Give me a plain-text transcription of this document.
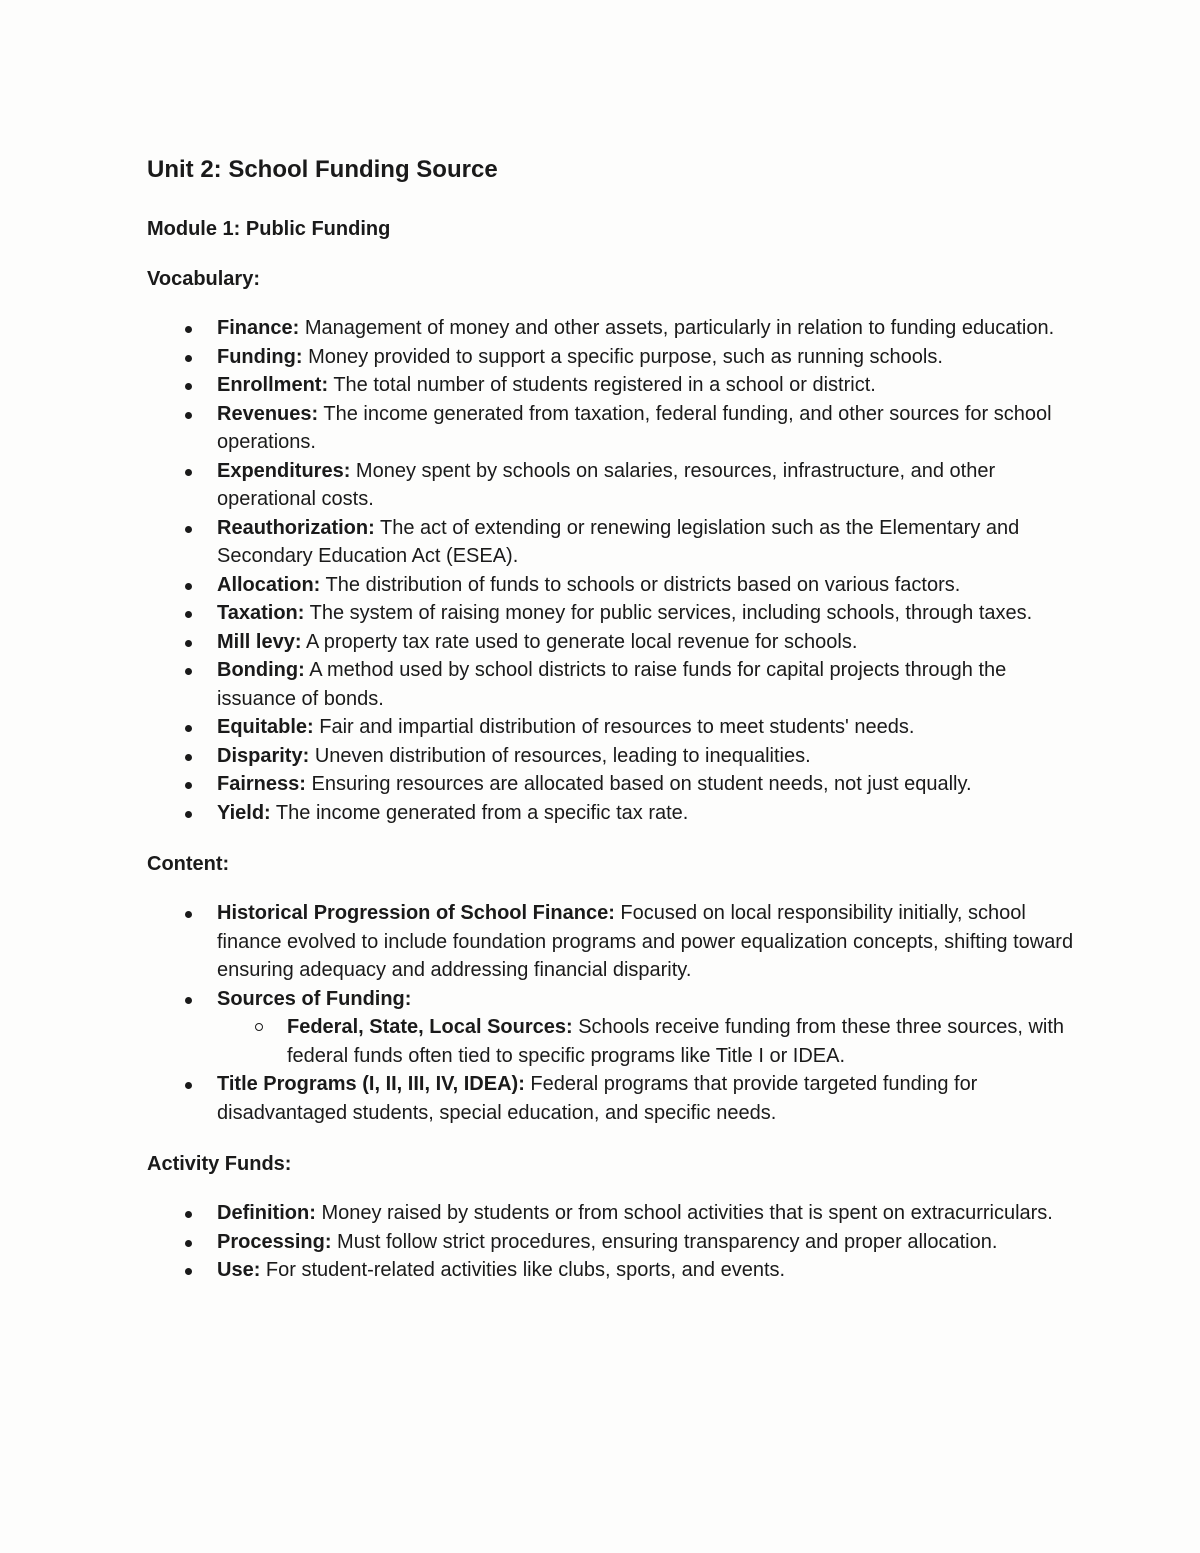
Unit 2: School Funding Source
Module 1: Public Funding
Vocabulary:
Finance: Management of money and other assets, particularly in relation to funding education.
Funding: Money provided to support a specific purpose, such as running schools.
Enrollment: The total number of students registered in a school or district.
Revenues: The income generated from taxation, federal funding, and other sources for school operations.
Expenditures: Money spent by schools on salaries, resources, infrastructure, and other operational costs.
Reauthorization: The act of extending or renewing legislation such as the Elementary and Secondary Education Act (ESEA).
Allocation: The distribution of funds to schools or districts based on various factors.
Taxation: The system of raising money for public services, including schools, through taxes.
Mill levy: A property tax rate used to generate local revenue for schools.
Bonding: A method used by school districts to raise funds for capital projects through the issuance of bonds.
Equitable: Fair and impartial distribution of resources to meet students' needs.
Disparity: Uneven distribution of resources, leading to inequalities.
Fairness: Ensuring resources are allocated based on student needs, not just equally.
Yield: The income generated from a specific tax rate.
Content:
Historical Progression of School Finance: Focused on local responsibility initially, school finance evolved to include foundation programs and power equalization concepts, shifting toward ensuring adequacy and addressing financial disparity.
Sources of Funding:
Federal, State, Local Sources: Schools receive funding from these three sources, with federal funds often tied to specific programs like Title I or IDEA.
Title Programs (I, II, III, IV, IDEA): Federal programs that provide targeted funding for disadvantaged students, special education, and specific needs.
Activity Funds:
Definition: Money raised by students or from school activities that is spent on extracurriculars.
Processing: Must follow strict procedures, ensuring transparency and proper allocation.
Use: For student-related activities like clubs, sports, and events.
